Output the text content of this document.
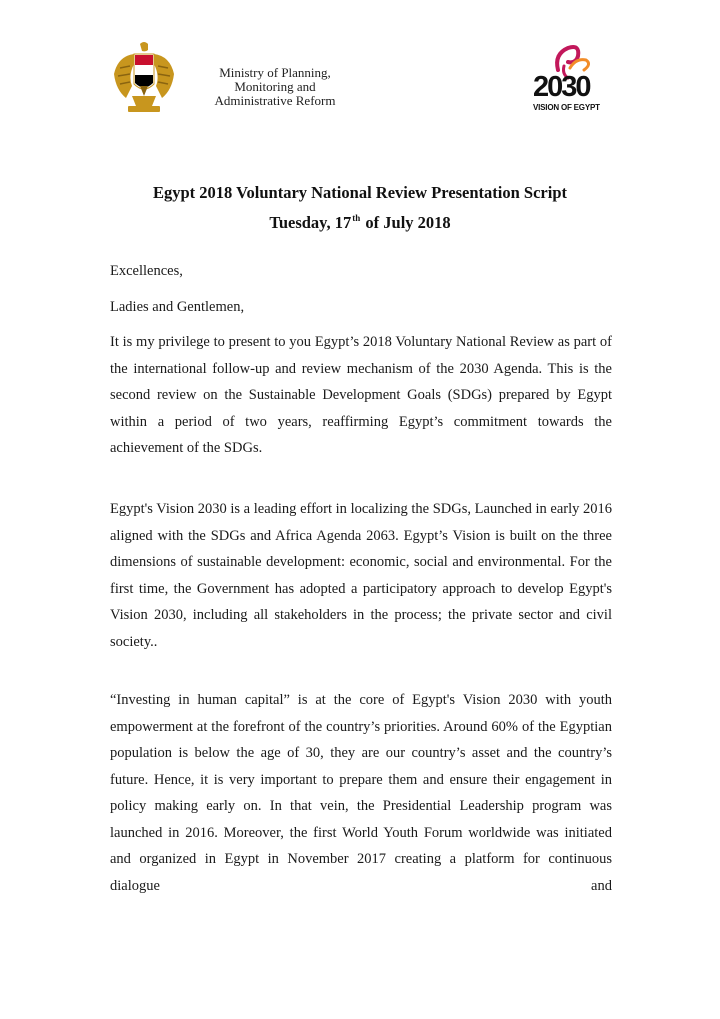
Ministry of Planning,
Monitoring and
Administrative Reform	2030
VISION OF EGYPT
Egypt 2018 Voluntary National Review Presentation Script
Tuesday, 17th of July 2018

Excellences,

Ladies and Gentlemen,

It is my privilege to present to you Egypt’s 2018 Voluntary National Review as part of the international follow-up and review mechanism of the 2030 Agenda. This is the second review on the Sustainable Development Goals (SDGs) prepared by Egypt within a period of two years, reaffirming Egypt’s commitment towards the achievement of the SDGs.

Egypt's Vision 2030 is a leading effort in localizing the SDGs, Launched in early 2016 aligned with the SDGs and Africa Agenda 2063. Egypt’s Vision is built on the three dimensions of sustainable development: economic, social and environmental. For the first time, the Government has adopted a participatory approach to develop Egypt's Vision 2030, including all stakeholders in the process; the private sector and civil society..

“Investing in human capital” is at the core of Egypt's Vision 2030 with youth empowerment at the forefront of the country’s priorities. Around 60% of the Egyptian population is below the age of 30, they are our country’s asset and the country’s future. Hence, it is very important to prepare them and ensure their engagement in policy making early on. In that vein, the Presidential Leadership program was launched in 2016. Moreover, the first World Youth Forum worldwide was initiated and organized in Egypt in November 2017 creating a platform for continuous dialogue and
